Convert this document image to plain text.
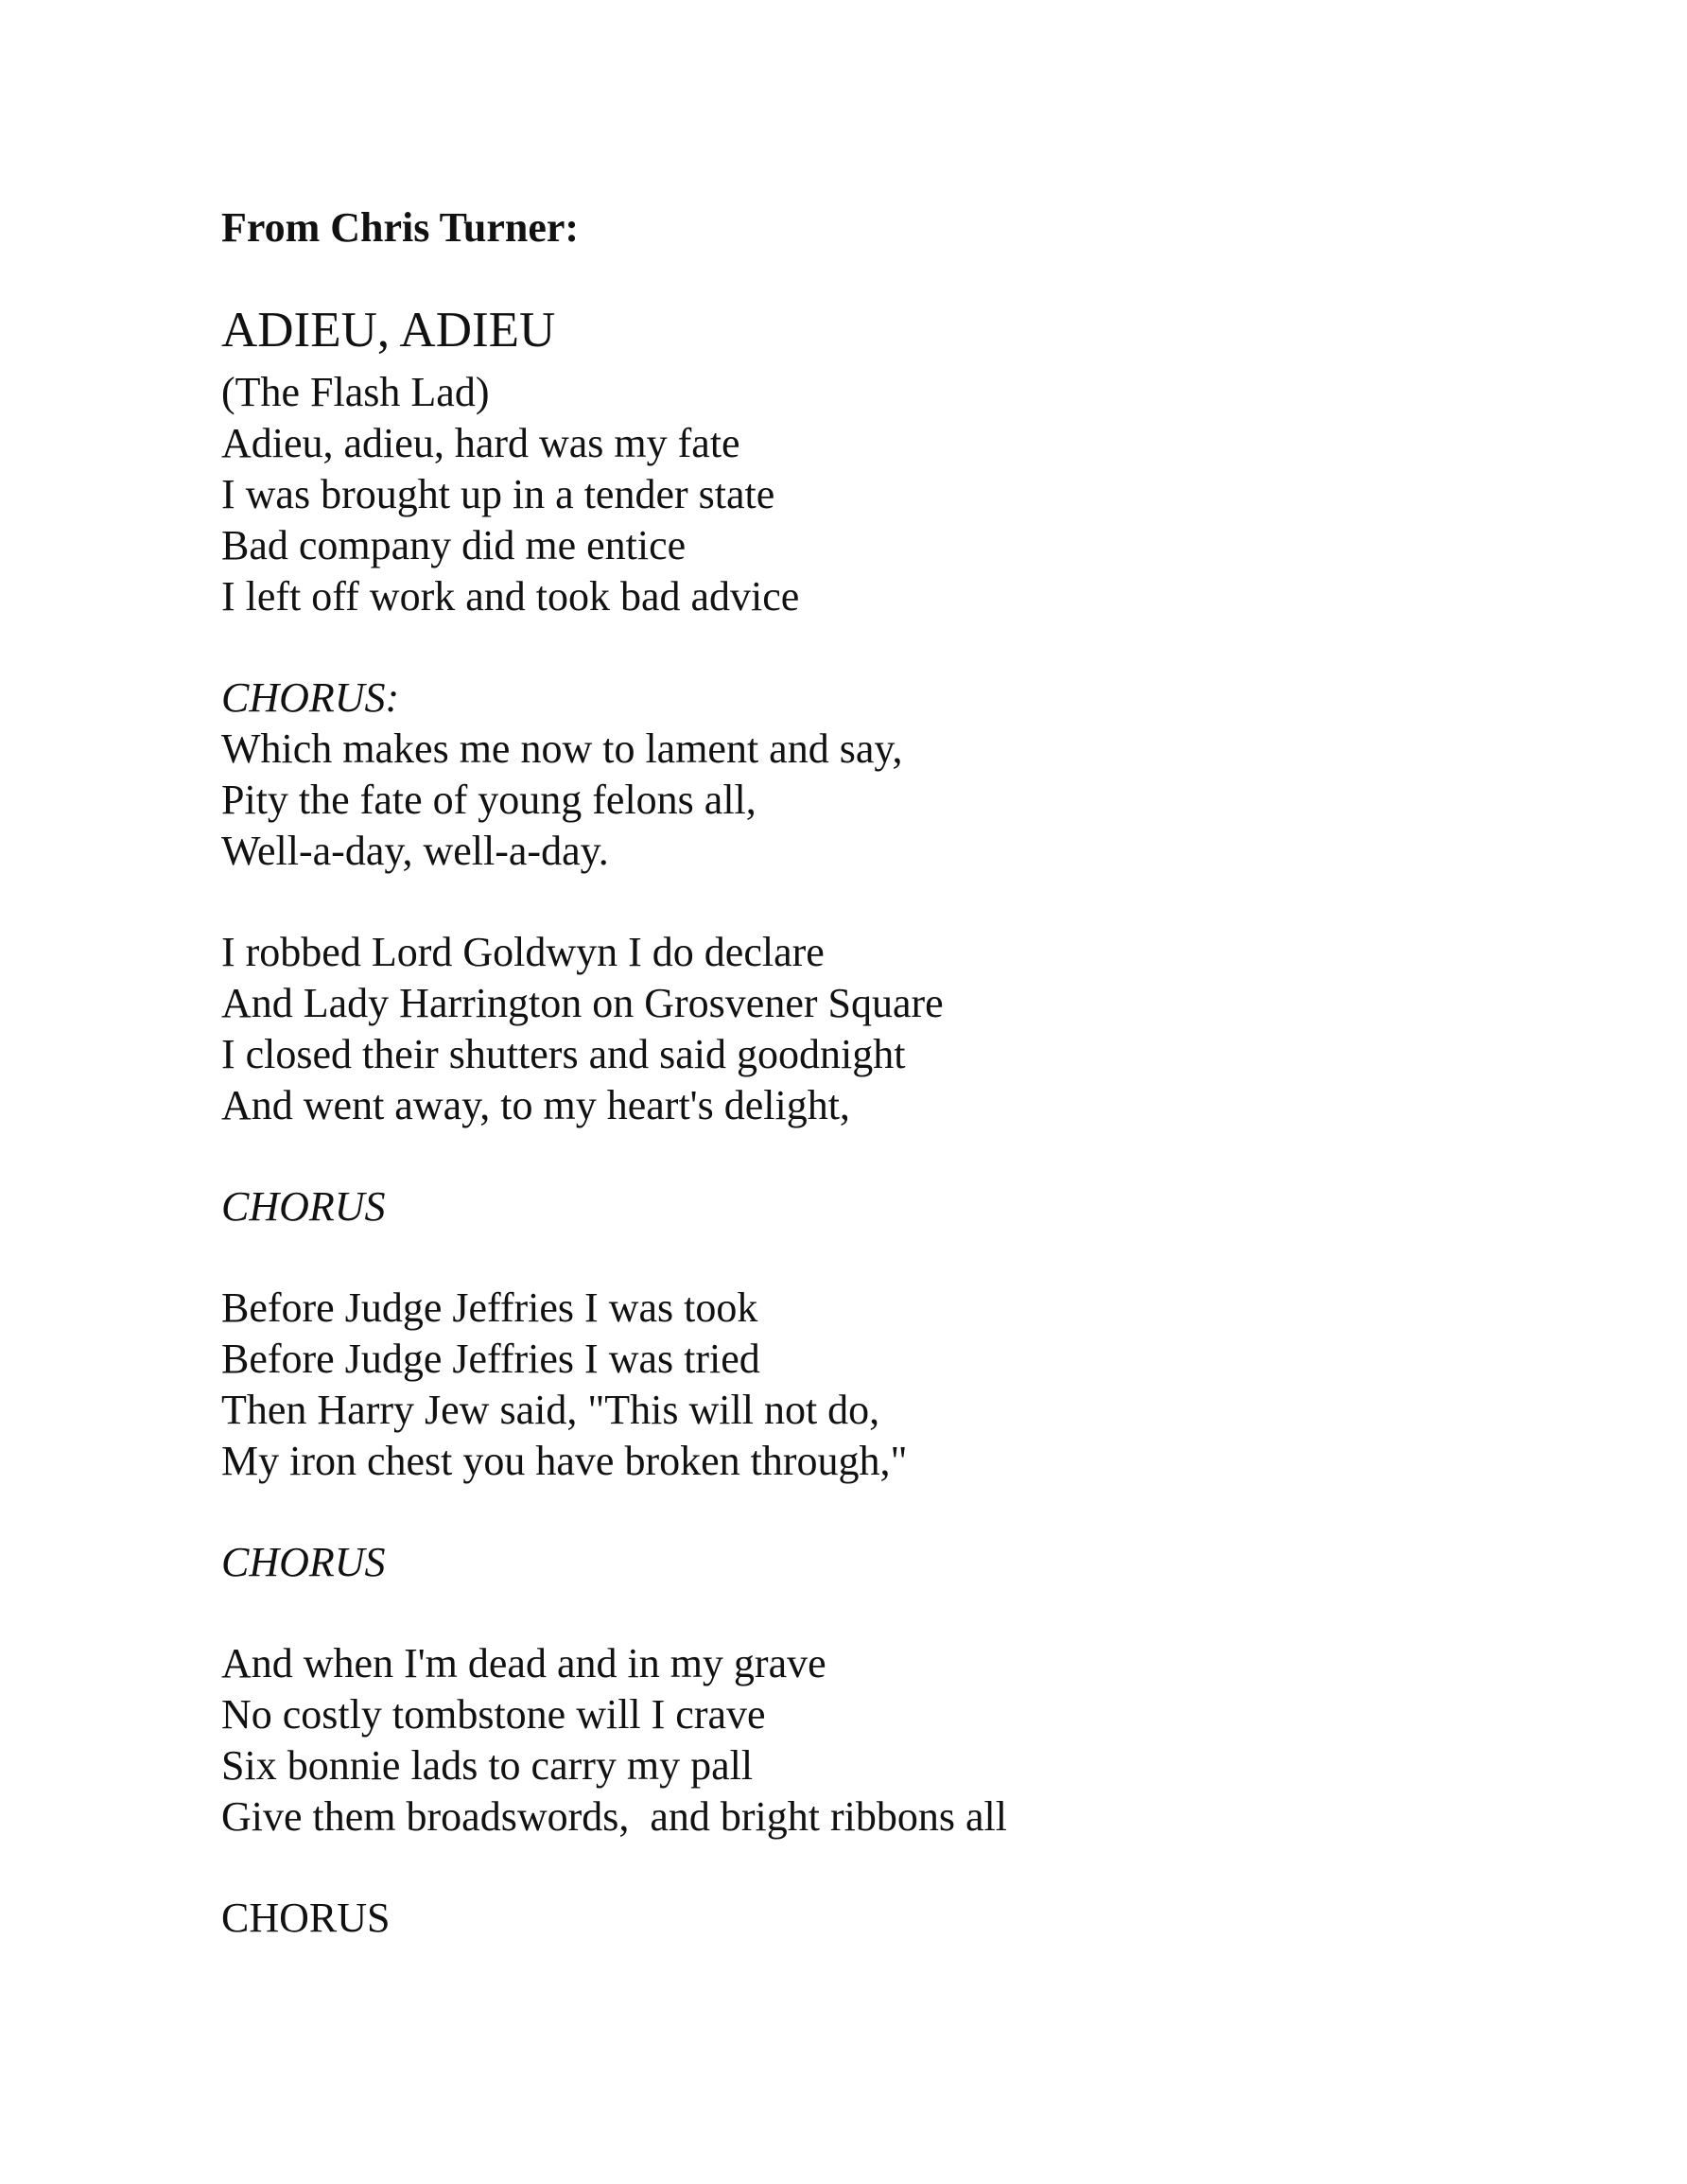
From Chris Turner:
ADIEU, ADIEU
(The Flash Lad)
Adieu, adieu, hard was my fate
I was brought up in a tender state
Bad company did me entice
I left off work and took bad advice
CHORUS:
Which makes me now to lament and say,
Pity the fate of young felons all,
Well-a-day, well-a-day.
I robbed Lord Goldwyn I do declare
And Lady Harrington on Grosvener Square
I closed their shutters and said goodnight
And went away, to my heart's delight,
CHORUS
Before Judge Jeffries I was took
Before Judge Jeffries I was tried
Then Harry Jew said, "This will not do,
My iron chest you have broken through,"
CHORUS
And when I'm dead and in my grave
No costly tombstone will I crave
Six bonnie lads to carry my pall
Give them broadswords,  and bright ribbons all
CHORUS
